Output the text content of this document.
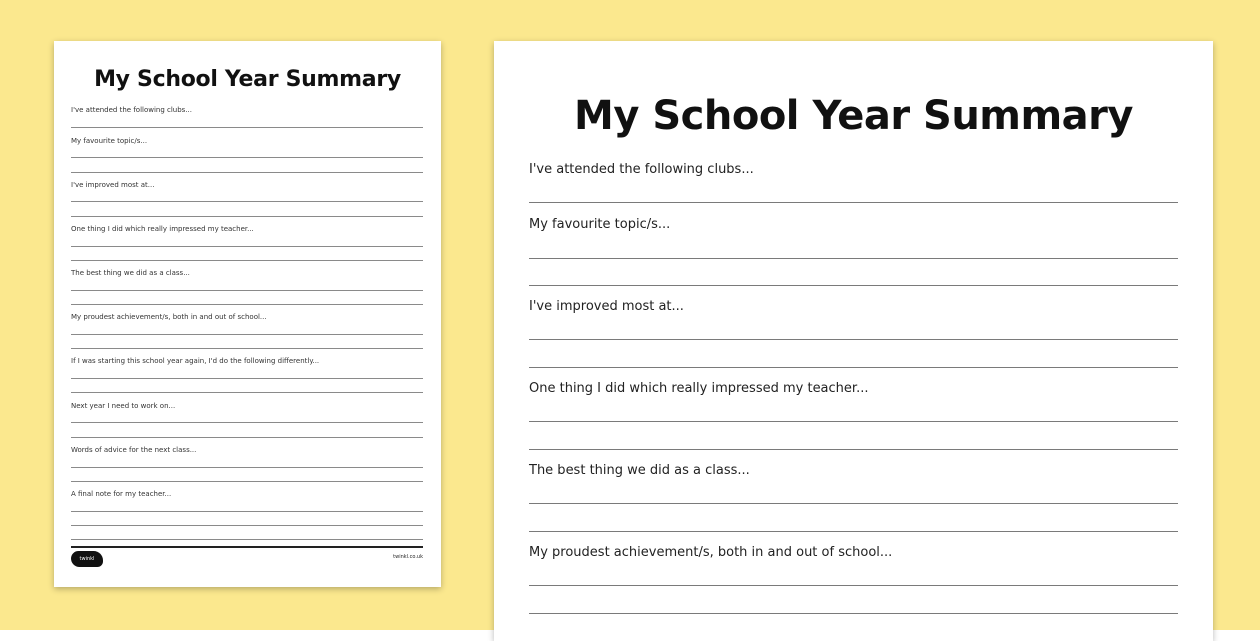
My School Year Summary
I've attended the following clubs...
My favourite topic/s...
I've improved most at...
One thing I did which really impressed my teacher...
The best thing we did as a class...
My proudest achievement/s, both in and out of school...
If I was starting this school year again, I'd do the following differently...
Next year I need to work on...
Words of advice for the next class...
A final note for my teacher...
twinkl	twinkl.co.uk
My School Year Summary
I've attended the following clubs...
My favourite topic/s...
I've improved most at...
One thing I did which really impressed my teacher...
The best thing we did as a class...
My proudest achievement/s, both in and out of school...
